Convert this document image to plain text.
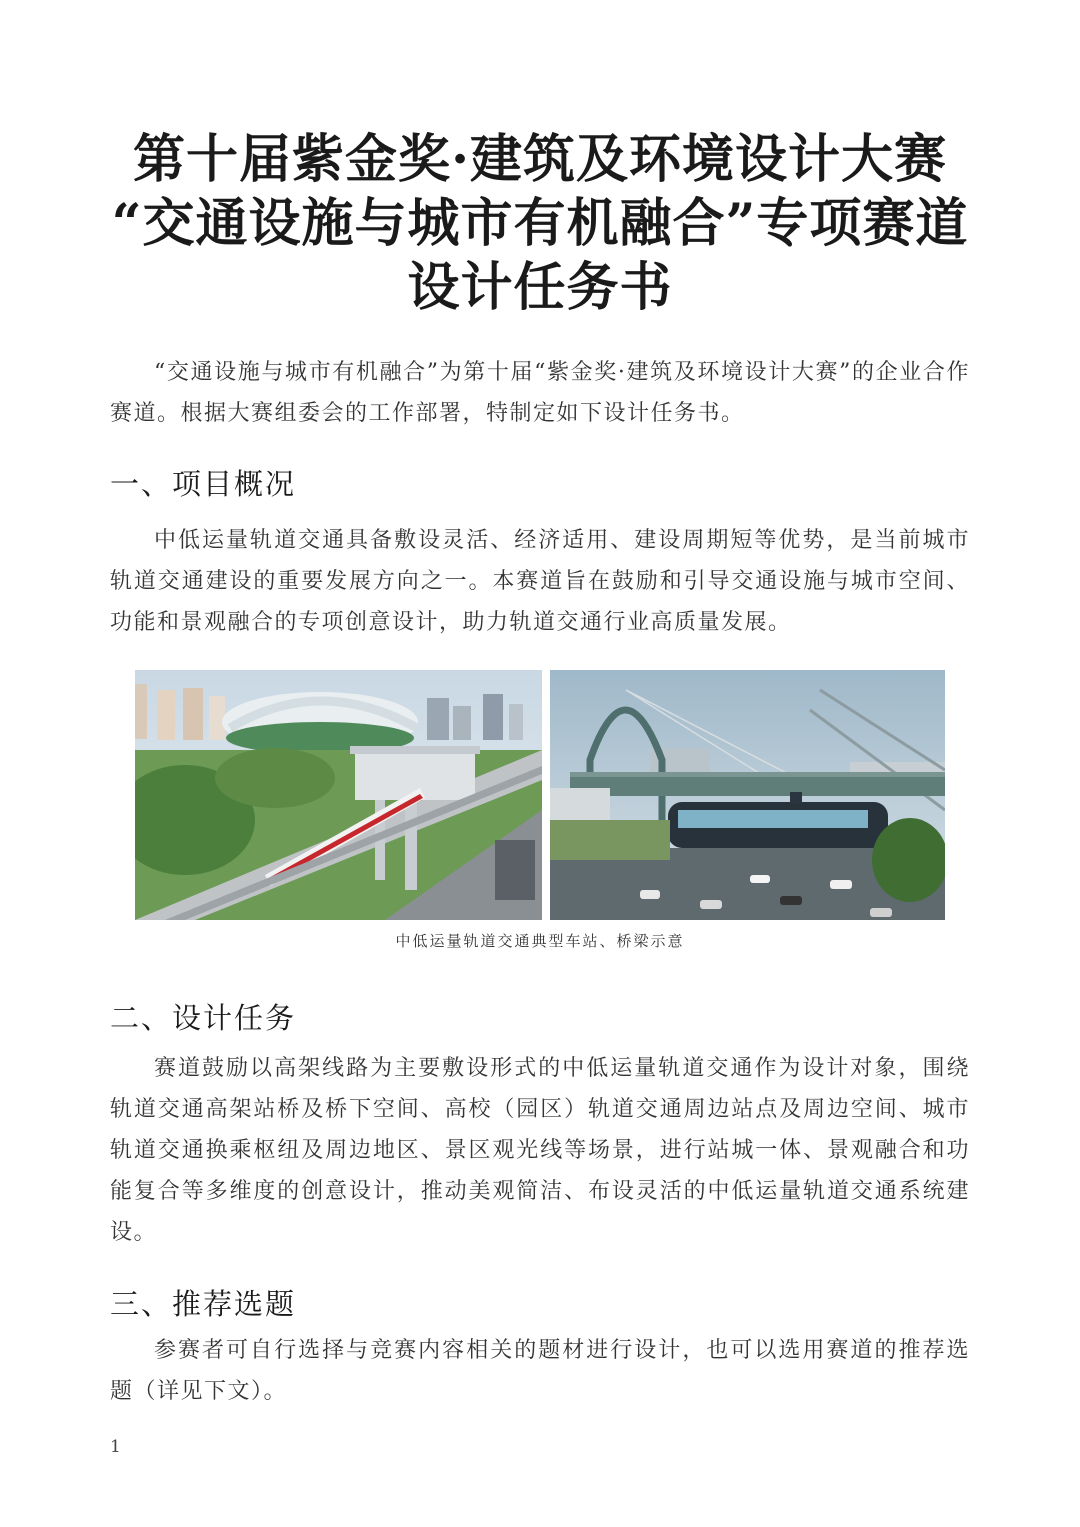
第十届紫金奖·建筑及环境设计大赛
“交通设施与城市有机融合”专项赛道
设计任务书
“交通设施与城市有机融合”为第十届“紫金奖·建筑及环境设计大赛”的企业合作赛道。根据大赛组委会的工作部署，特制定如下设计任务书。
一、项目概况
中低运量轨道交通具备敷设灵活、经济适用、建设周期短等优势，是当前城市轨道交通建设的重要发展方向之一。本赛道旨在鼓励和引导交通设施与城市空间、功能和景观融合的专项创意设计，助力轨道交通行业高质量发展。
中低运量轨道交通典型车站、桥梁示意
二、设计任务
赛道鼓励以高架线路为主要敷设形式的中低运量轨道交通作为设计对象，围绕轨道交通高架站桥及桥下空间、高校（园区）轨道交通周边站点及周边空间、城市轨道交通换乘枢纽及周边地区、景区观光线等场景，进行站城一体、景观融合和功能复合等多维度的创意设计，推动美观简洁、布设灵活的中低运量轨道交通系统建设。
三、推荐选题
参赛者可自行选择与竞赛内容相关的题材进行设计，也可以选用赛道的推荐选题（详见下文）。
1
